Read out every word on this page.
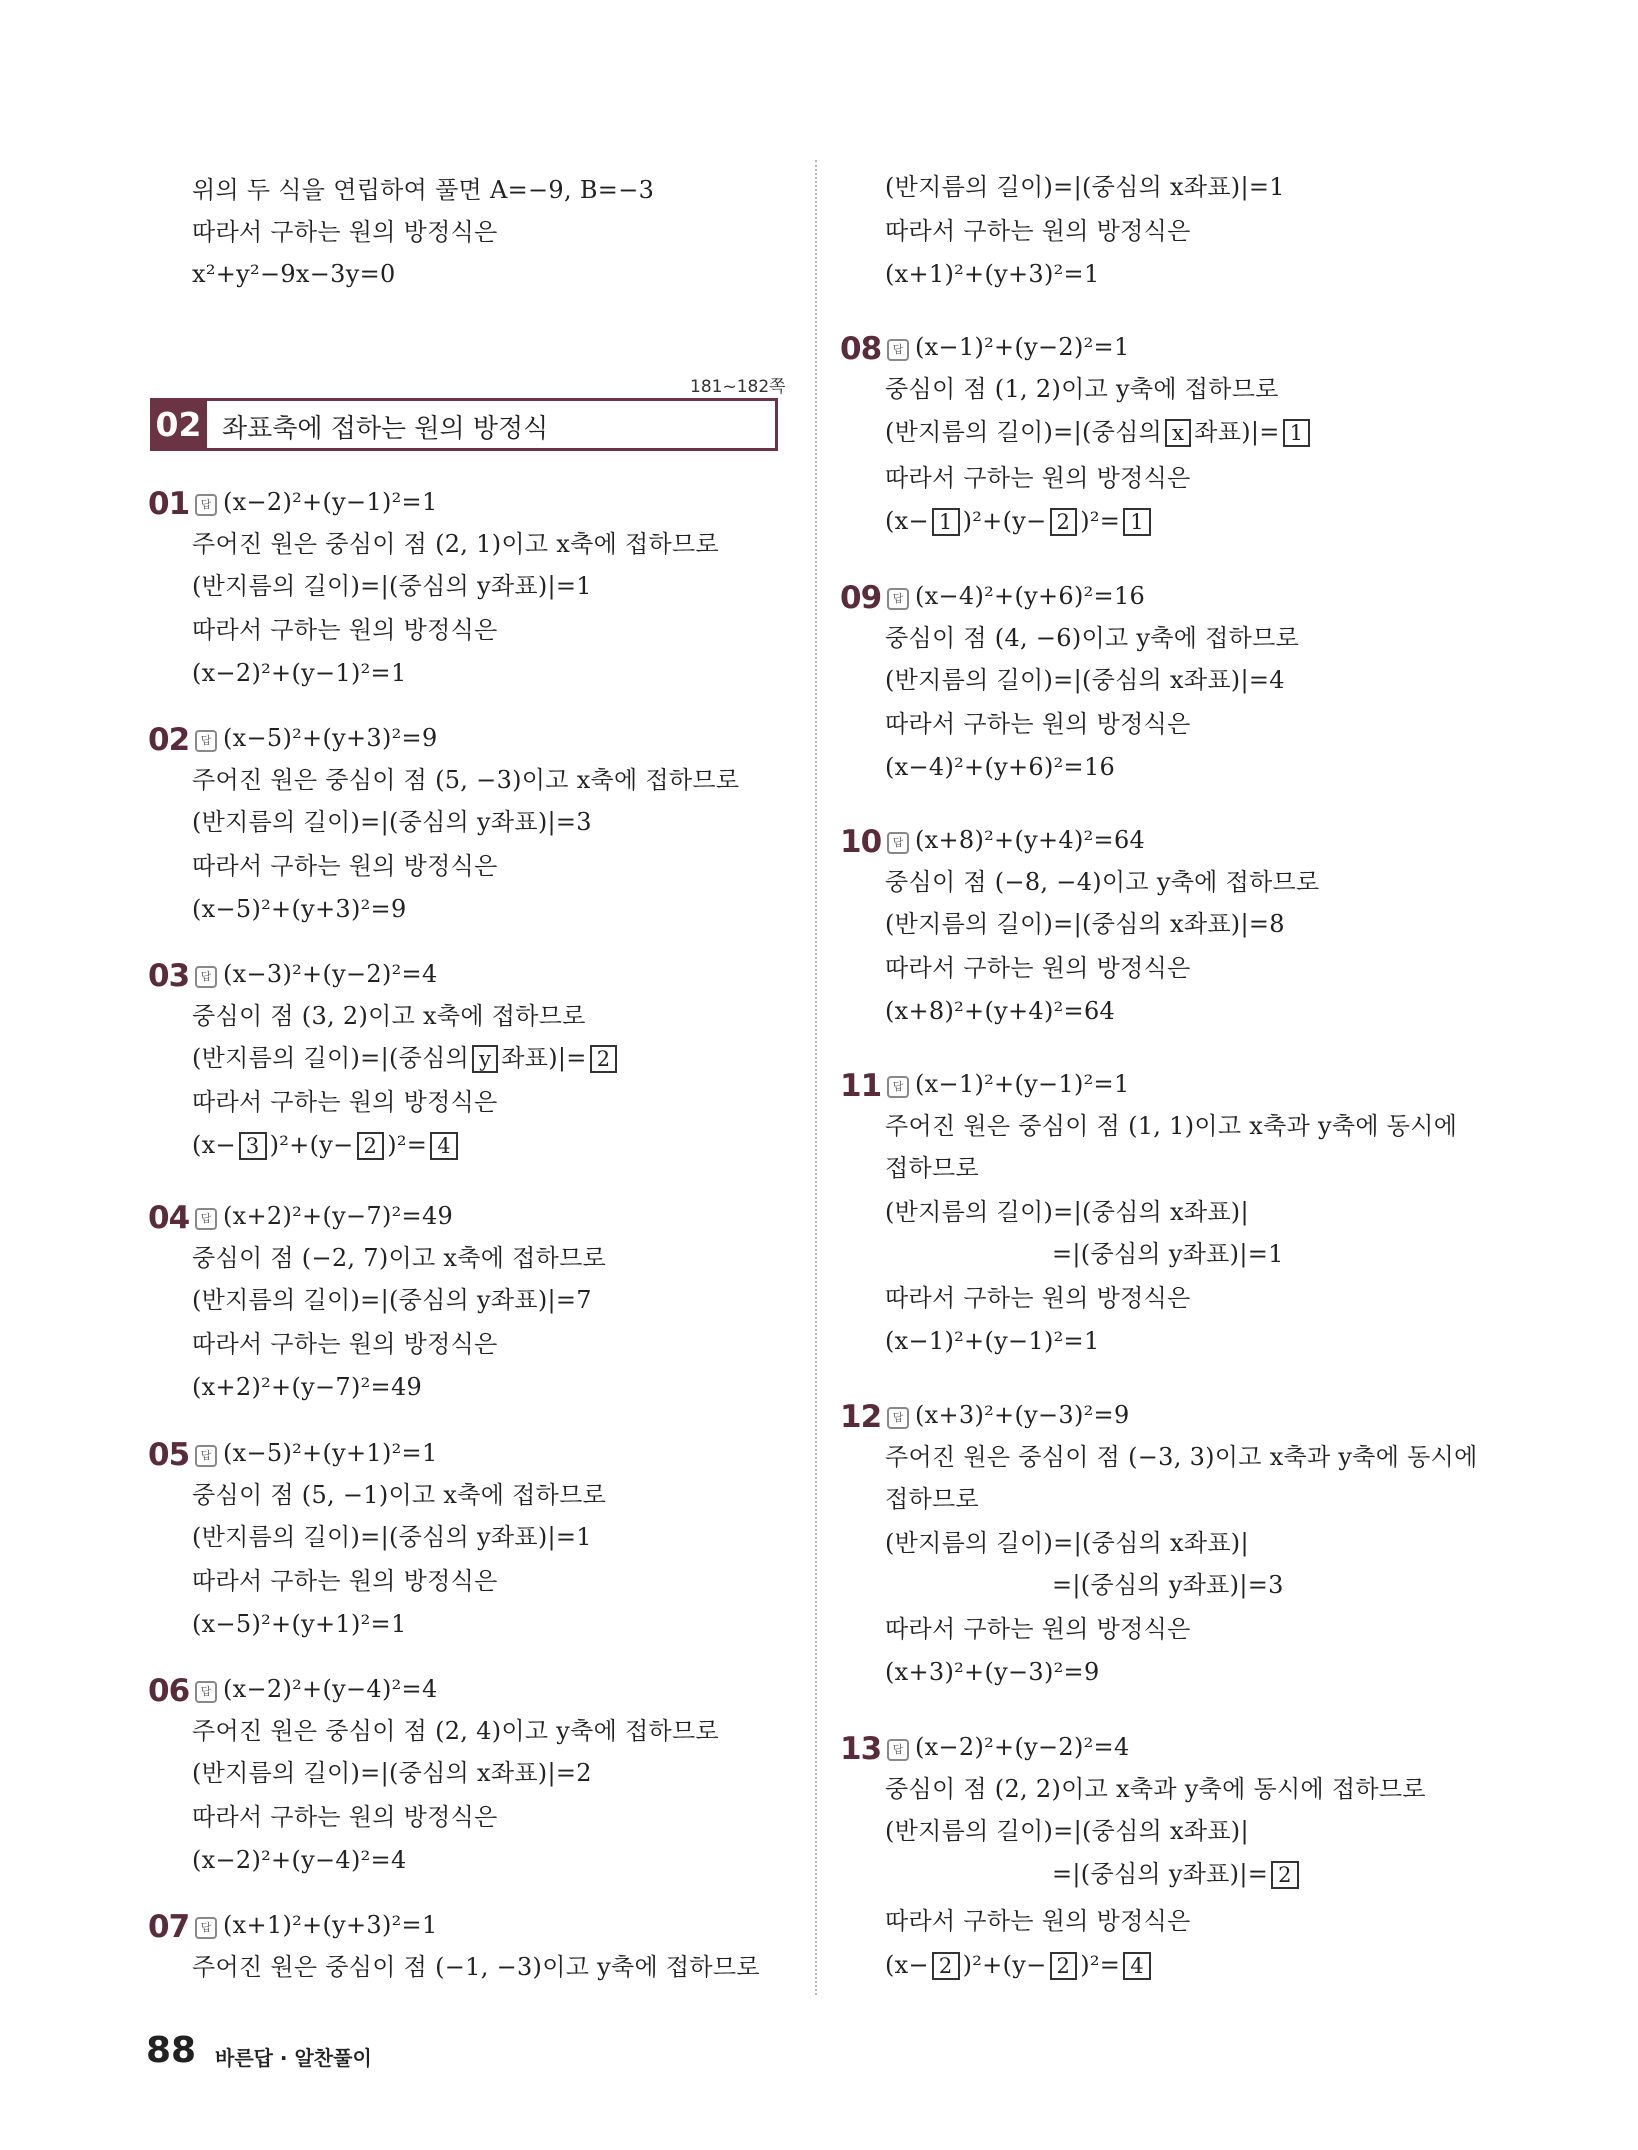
위의 두 식을 연립하여 풀면 A=−9, B=−3
따라서 구하는 원의 방정식은
x²+y²−9x−3y=0
181~182쪽
02 좌표축에 접하는 원의 방정식
01	답 (x−2)²+(y−1)²=1
주어진 원은 중심이 점 (2, 1)이고 x축에 접하므로
(반지름의 길이)=|(중심의 y좌표)|=1
따라서 구하는 원의 방정식은
(x−2)²+(y−1)²=1
02	답 (x−5)²+(y+3)²=9
주어진 원은 중심이 점 (5, −3)이고 x축에 접하므로
(반지름의 길이)=|(중심의 y좌표)|=3
따라서 구하는 원의 방정식은
(x−5)²+(y+3)²=9
03	답 (x−3)²+(y−2)²=4
중심이 점 (3, 2)이고 x축에 접하므로
(반지름의 길이)=|(중심의 y 좌표)|= 2
따라서 구하는 원의 방정식은
(x− 3 )²+(y− 2 )²= 4
04	답 (x+2)²+(y−7)²=49
중심이 점 (−2, 7)이고 x축에 접하므로
(반지름의 길이)=|(중심의 y좌표)|=7
따라서 구하는 원의 방정식은
(x+2)²+(y−7)²=49
05	답 (x−5)²+(y+1)²=1
중심이 점 (5, −1)이고 x축에 접하므로
(반지름의 길이)=|(중심의 y좌표)|=1
따라서 구하는 원의 방정식은
(x−5)²+(y+1)²=1
06	답 (x−2)²+(y−4)²=4
주어진 원은 중심이 점 (2, 4)이고 y축에 접하므로
(반지름의 길이)=|(중심의 x좌표)|=2
따라서 구하는 원의 방정식은
(x−2)²+(y−4)²=4
07	답 (x+1)²+(y+3)²=1
주어진 원은 중심이 점 (−1, −3)이고 y축에 접하므로
(반지름의 길이)=|(중심의 x좌표)|=1
따라서 구하는 원의 방정식은
(x+1)²+(y+3)²=1
08	답 (x−1)²+(y−2)²=1
중심이 점 (1, 2)이고 y축에 접하므로
(반지름의 길이)=|(중심의 x 좌표)|= 1
따라서 구하는 원의 방정식은
(x− 1 )²+(y− 2 )²= 1
09	답 (x−4)²+(y+6)²=16
중심이 점 (4, −6)이고 y축에 접하므로
(반지름의 길이)=|(중심의 x좌표)|=4
따라서 구하는 원의 방정식은
(x−4)²+(y+6)²=16
10	답 (x+8)²+(y+4)²=64
중심이 점 (−8, −4)이고 y축에 접하므로
(반지름의 길이)=|(중심의 x좌표)|=8
따라서 구하는 원의 방정식은
(x+8)²+(y+4)²=64
11	답 (x−1)²+(y−1)²=1
주어진 원은 중심이 점 (1, 1)이고 x축과 y축에 동시에
접하므로
(반지름의 길이)=|(중심의 x좌표)|
=|(중심의 y좌표)|=1
따라서 구하는 원의 방정식은
(x−1)²+(y−1)²=1
12	답 (x+3)²+(y−3)²=9
주어진 원은 중심이 점 (−3, 3)이고 x축과 y축에 동시에
접하므로
(반지름의 길이)=|(중심의 x좌표)|
=|(중심의 y좌표)|=3
따라서 구하는 원의 방정식은
(x+3)²+(y−3)²=9
13	답 (x−2)²+(y−2)²=4
중심이 점 (2, 2)이고 x축과 y축에 동시에 접하므로
(반지름의 길이)=|(중심의 x좌표)|
=|(중심의 y좌표)|= 2
따라서 구하는 원의 방정식은
(x− 2 )²+(y− 2 )²= 4
88 바른답 · 알찬풀이
